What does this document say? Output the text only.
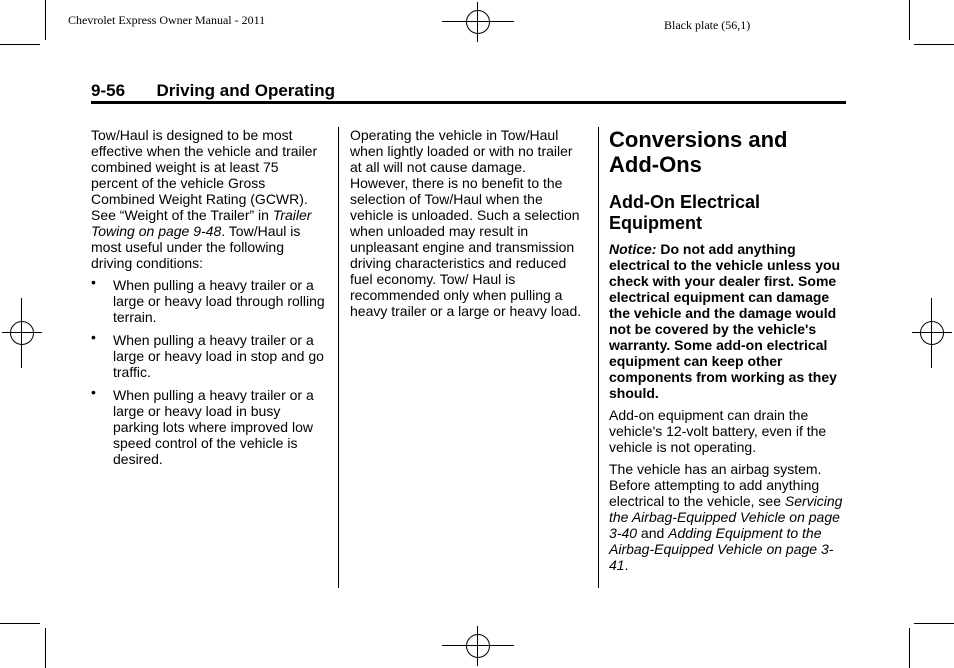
Chevrolet Express Owner Manual - 2011	Black plate (56,1)
9-56 Driving and Operating

Tow/Haul is designed to be most effective when the vehicle and trailer combined weight is at least 75 percent of the vehicle Gross Combined Weight Rating (GCWR). See “Weight of the Trailer” in Trailer Towing on page 9-48. Tow/Haul is most useful under the following driving conditions:

• When pulling a heavy trailer or a large or heavy load through rolling terrain.
• When pulling a heavy trailer or a large or heavy load in stop and go traffic.
• When pulling a heavy trailer or a large or heavy load in busy parking lots where improved low speed control of the vehicle is desired.

Operating the vehicle in Tow/Haul when lightly loaded or with no trailer at all will not cause damage. However, there is no benefit to the selection of Tow/Haul when the vehicle is unloaded. Such a selection when unloaded may result in unpleasant engine and transmission driving characteristics and reduced fuel economy. Tow/ Haul is recommended only when pulling a heavy trailer or a large or heavy load.

Conversions and Add-Ons
Add-On Electrical Equipment

Notice: Do not add anything electrical to the vehicle unless you check with your dealer first. Some electrical equipment can damage the vehicle and the damage would not be covered by the vehicle's warranty. Some add-on electrical equipment can keep other components from working as they should.

Add-on equipment can drain the vehicle's 12-volt battery, even if the vehicle is not operating.

The vehicle has an airbag system. Before attempting to add anything electrical to the vehicle, see Servicing the Airbag-Equipped Vehicle on page 3-40 and Adding Equipment to the Airbag-Equipped Vehicle on page 3-41.
